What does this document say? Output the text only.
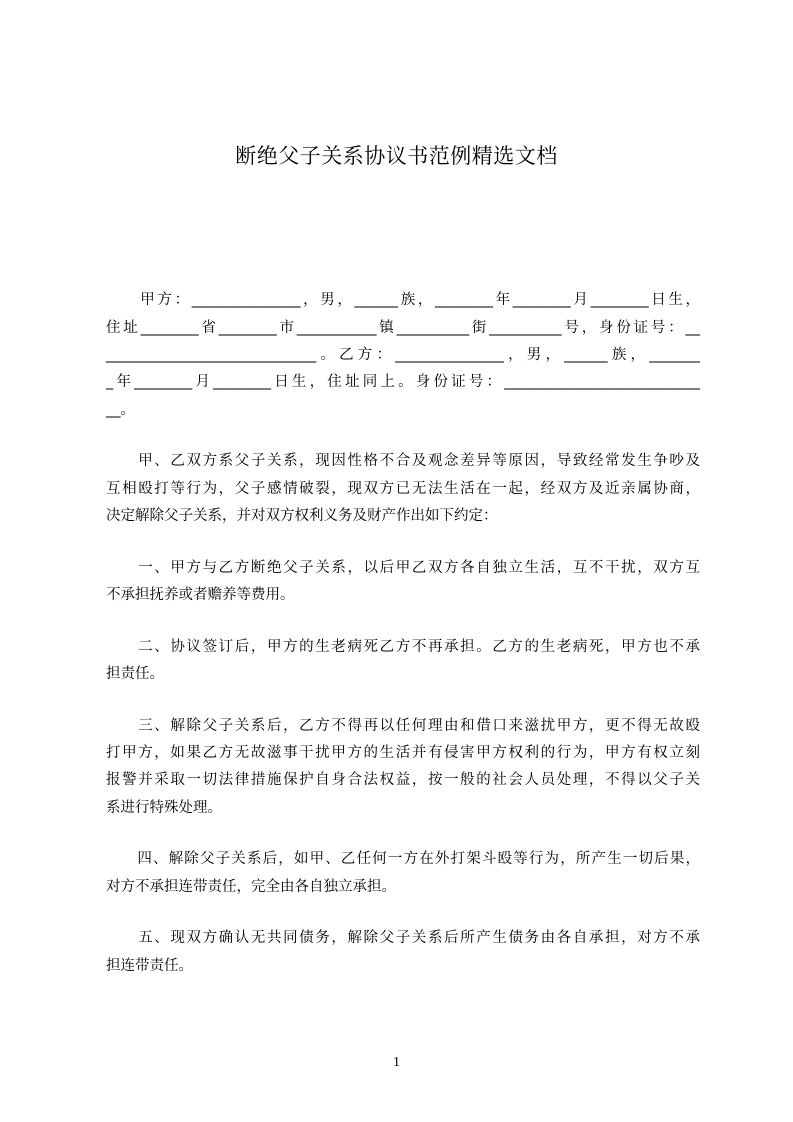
断绝父子关系协议书范例精选文档
　　甲方：_______________，男，______族，________年________月________日生，
住址________省________市___________镇__________街__________号，身份证号：__
_____________________________。乙方：_______________，男，______族，_______
_年________月________日生，住址同上。身份证号：___________________________
__。
　　甲、乙双方系父子关系，现因性格不合及观念差异等原因，导致经常发生争吵及
互相殴打等行为，父子感情破裂，现双方已无法生活在一起，经双方及近亲属协商，
决定解除父子关系，并对双方权利义务及财产作出如下约定：
　　一、甲方与乙方断绝父子关系，以后甲乙双方各自独立生活，互不干扰，双方互
不承担抚养或者赡养等费用。
　　二、协议签订后，甲方的生老病死乙方不再承担。乙方的生老病死，甲方也不承
担责任。
　　三、解除父子关系后，乙方不得再以任何理由和借口来滋扰甲方，更不得无故殴
打甲方，如果乙方无故滋事干扰甲方的生活并有侵害甲方权利的行为，甲方有权立刻
报警并采取一切法律措施保护自身合法权益，按一般的社会人员处理，不得以父子关
系进行特殊处理。
　　四、解除父子关系后，如甲、乙任何一方在外打架斗殴等行为，所产生一切后果，
对方不承担连带责任，完全由各自独立承担。
　　五、现双方确认无共同债务，解除父子关系后所产生债务由各自承担，对方不承
担连带责任。
1
